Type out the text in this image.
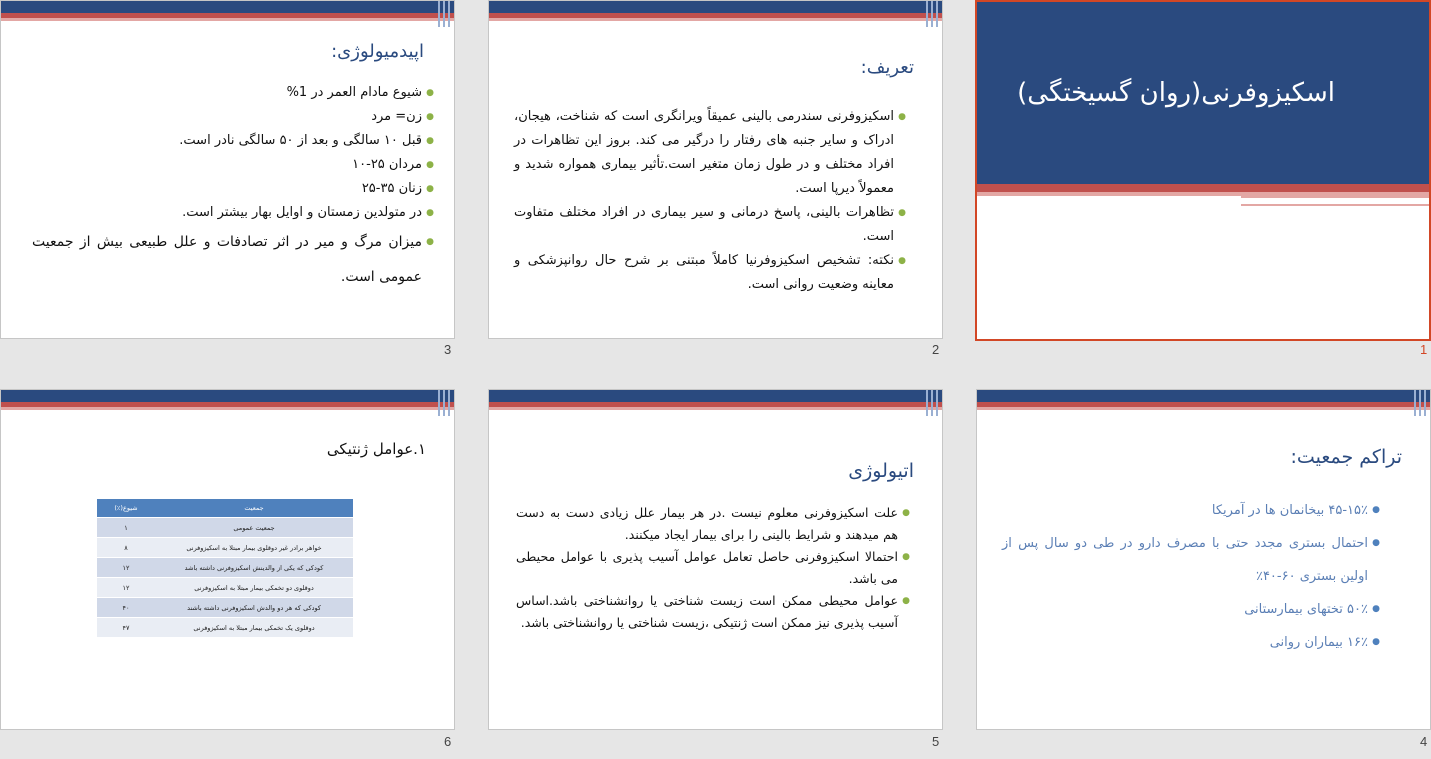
اپیدمیولوژی:
● شیوع مادام العمر در 1%
● زن= مرد
● قبل ۱۰ سالگی و بعد از ۵۰ سالگی نادر است.
● مردان ۲۵-۱۰
● زنان ۳۵-۲۵
● در متولدین زمستان و اوایل بهار بیشتر است.
● میزان مرگ و میر در اثر تصادفات و علل طبیعی بیش از جمعیت عمومی است.
3
تعریف:
● اسکیزوفرنی سندرمی بالینی عمیقاً ویرانگری است که شناخت، هیجان، ادراک و سایر جنبه های رفتار را درگیر می کند. بروز این تظاهرات در افراد مختلف و در طول زمان متغیر است.تأثیر بیماری همواره شدید و معمولاً دیرپا است.
● تظاهرات بالینی، پاسخ درمانی و سیر بیماری در افراد مختلف متفاوت است.
● نکته: تشخیص اسکیزوفرنیا کاملاً مبتنی بر شرح حال روانپزشکی و معاینه وضعیت روانی است.
2
اسکیزوفرنی(روان گسیختگی)
1
۱.عوامل ژنتیکی
جمعیت	شیوع(٪)
جمعیت عمومی	۱
خواهر برادر غیر دوقلوی بیمار مبتلا به اسکیزوفرنی	۸
کودکی که یکی از والدینش اسکیزوفرنی داشته باشد	۱۲
دوقلوی دو تخمکی بیمار مبتلا به اسکیزوفرنی	۱۲
کودکی که هر دو والدش اسکیزوفرنی داشته باشند	۴۰
دوقلوی یک تخمکی بیمار مبتلا به اسکیزوفرنی	۴۷
6
اتیولوژی
● علت اسکیزوفرنی معلوم نیست .در هر بیمار علل زیادی دست به دست هم میدهند و شرایط بالینی را برای بیمار ایجاد میکنند.
● احتمالا اسکیزوفرنی حاصل تعامل عوامل آسیب پذیری با عوامل محیطی می باشد.
● عوامل محیطی ممکن است زیست شناختی یا روانشناختی باشد.اساس آسیب پذیری نیز ممکن است ژنتیکی ،زیست شناختی یا روانشناختی باشد.
5
تراکم جمعیت:
● ۴۵-۱۵٪ بیخانمان ها در آمریکا
● احتمال بستری مجدد حتی با مصرف دارو در طی دو سال پس از اولین بستری ۶۰-۴۰٪
● ۵۰٪ تختهای بیمارستانی
● ۱۶٪ بیماران روانی
4
